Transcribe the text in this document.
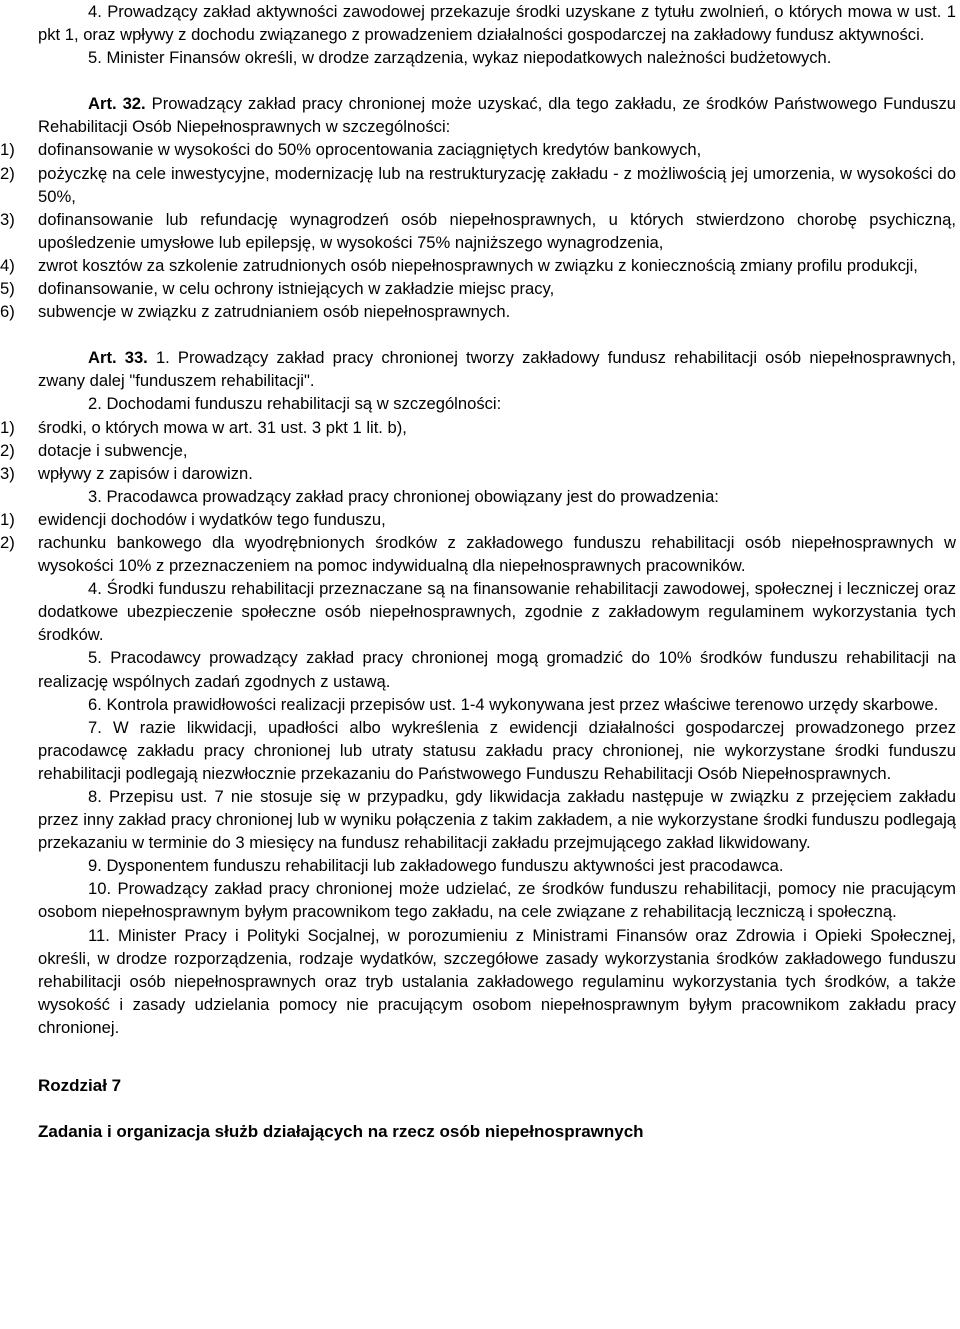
4. Prowadzący zakład aktywności zawodowej przekazuje środki uzyskane z tytułu zwolnień, o których mowa w ust. 1 pkt 1, oraz wpływy z dochodu związanego z prowadzeniem działalności gospodarczej na zakładowy fundusz aktywności.

5. Minister Finansów określi, w drodze zarządzenia, wykaz niepodatkowych należności budżetowych.

Art. 32. Prowadzący zakład pracy chronionej może uzyskać, dla tego zakładu, ze środków Państwowego Funduszu Rehabilitacji Osób Niepełnosprawnych w szczególności:

1) dofinansowanie w wysokości do 50% oprocentowania zaciągniętych kredytów bankowych,
2) pożyczkę na cele inwestycyjne, modernizację lub na restrukturyzację zakładu - z możliwością jej umorzenia, w wysokości do 50%,
3) dofinansowanie lub refundację wynagrodzeń osób niepełnosprawnych, u których stwierdzono chorobę psychiczną, upośledzenie umysłowe lub epilepsję, w wysokości 75% najniższego wynagrodzenia,
4) zwrot kosztów za szkolenie zatrudnionych osób niepełnosprawnych w związku z koniecznością zmiany profilu produkcji,
5) dofinansowanie, w celu ochrony istniejących w zakładzie miejsc pracy,
6) subwencje w związku z zatrudnianiem osób niepełnosprawnych.

Art. 33. 1. Prowadzący zakład pracy chronionej tworzy zakładowy fundusz rehabilitacji osób niepełnosprawnych, zwany dalej "funduszem rehabilitacji".

2. Dochodami funduszu rehabilitacji są w szczególności:

1) środki, o których mowa w art. 31 ust. 3 pkt 1 lit. b),
2) dotacje i subwencje,
3) wpływy z zapisów i darowizn.

3. Pracodawca prowadzący zakład pracy chronionej obowiązany jest do prowadzenia:

1) ewidencji dochodów i wydatków tego funduszu,
2) rachunku bankowego dla wyodrębnionych środków z zakładowego funduszu rehabilitacji osób niepełnosprawnych w wysokości 10% z przeznaczeniem na pomoc indywidualną dla niepełnosprawnych pracowników.

4. Środki funduszu rehabilitacji przeznaczane są na finansowanie rehabilitacji zawodowej, społecznej i leczniczej oraz dodatkowe ubezpieczenie społeczne osób niepełnosprawnych, zgodnie z zakładowym regulaminem wykorzystania tych środków.

5. Pracodawcy prowadzący zakład pracy chronionej mogą gromadzić do 10% środków funduszu rehabilitacji na realizację wspólnych zadań zgodnych z ustawą.

6. Kontrola prawidłowości realizacji przepisów ust. 1-4 wykonywana jest przez właściwe terenowo urzędy skarbowe.

7. W razie likwidacji, upadłości albo wykreślenia z ewidencji działalności gospodarczej prowadzonego przez pracodawcę zakładu pracy chronionej lub utraty statusu zakładu pracy chronionej, nie wykorzystane środki funduszu rehabilitacji podlegają niezwłocznie przekazaniu do Państwowego Funduszu Rehabilitacji Osób Niepełnosprawnych.

8. Przepisu ust. 7 nie stosuje się w przypadku, gdy likwidacja zakładu następuje w związku z przejęciem zakładu przez inny zakład pracy chronionej lub w wyniku połączenia z takim zakładem, a nie wykorzystane środki funduszu podlegają przekazaniu w terminie do 3 miesięcy na fundusz rehabilitacji zakładu przejmującego zakład likwidowany.

9. Dysponentem funduszu rehabilitacji lub zakładowego funduszu aktywności jest pracodawca.

10. Prowadzący zakład pracy chronionej może udzielać, ze środków funduszu rehabilitacji, pomocy nie pracującym osobom niepełnosprawnym byłym pracownikom tego zakładu, na cele związane z rehabilitacją leczniczą i społeczną.

11. Minister Pracy i Polityki Socjalnej, w porozumieniu z Ministrami Finansów oraz Zdrowia i Opieki Społecznej, określi, w drodze rozporządzenia, rodzaje wydatków, szczegółowe zasady wykorzystania środków zakładowego funduszu rehabilitacji osób niepełnosprawnych oraz tryb ustalania zakładowego regulaminu wykorzystania tych środków, a także wysokość i zasady udzielania pomocy nie pracującym osobom niepełnosprawnym byłym pracownikom zakładu pracy chronionej.

Rozdział 7

Zadania i organizacja służb działających na rzecz osób niepełnosprawnych
